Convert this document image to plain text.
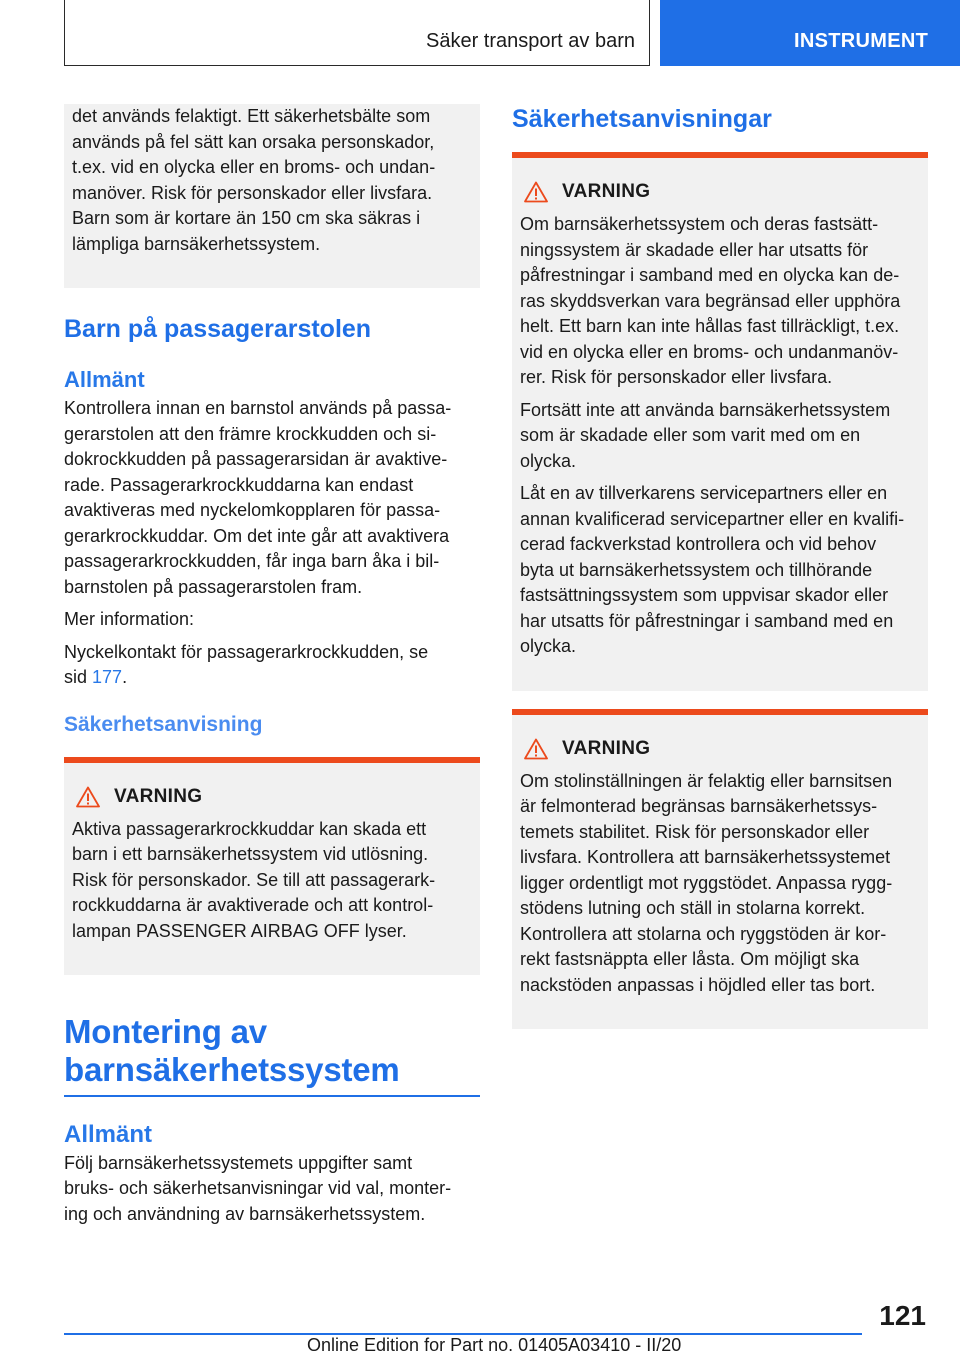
Säker transport av barn	INSTRUMENT

det används felaktigt. Ett säkerhetsbälte som
används på fel sätt kan orsaka personskador,
t.ex. vid en olycka eller en broms- och undan-
manöver. Risk för personskador eller livsfara.
Barn som är kortare än 150 cm ska säkras i
lämpliga barnsäkerhetssystem.

Barn på passagerarstolen
Allmänt

Kontrollera innan en barnstol används på passa-
gerarstolen att den främre krockkudden och si-
dokrockkudden på passagerarsidan är avaktive-
rade. Passagerarkrockkuddarna kan endast
avaktiveras med nyckelomkopplaren för passa-
gerarkrockkuddar. Om det inte går att avaktivera
passagerarkrockkudden, får inga barn åka i bil-
barnstolen på passagerarstolen fram.

Mer information:

Nyckelkontakt för passagerarkrockkudden, se
sid 177.

Säkerhetsanvisning
VARNING

Aktiva passagerarkrockkuddar kan skada ett
barn i ett barnsäkerhetssystem vid utlösning.
Risk för personskador. Se till att passagerark-
rockkuddarna är avaktiverade och att kontrol-
lampan PASSENGER AIRBAG OFF lyser.

Montering av
barnsäkerhetssystem
Allmänt

Följ barnsäkerhetssystemets uppgifter samt
bruks- och säkerhetsanvisningar vid val, monter-
ing och användning av barnsäkerhetssystem.

Säkerhetsanvisningar
VARNING

Om barnsäkerhetssystem och deras fastsätt-
ningssystem är skadade eller har utsatts för
påfrestningar i samband med en olycka kan de-
ras skyddsverkan vara begränsad eller upphöra
helt. Ett barn kan inte hållas fast tillräckligt, t.ex.
vid en olycka eller en broms- och undanmanöv-
rer. Risk för personskador eller livsfara.

Fortsätt inte att använda barnsäkerhetssystem
som är skadade eller som varit med om en
olycka.

Låt en av tillverkarens servicepartners eller en
annan kvalificerad servicepartner eller en kvalifi-
cerad fackverkstad kontrollera och vid behov
byta ut barnsäkerhetssystem och tillhörande
fastsättningssystem som uppvisar skador eller
har utsatts för påfrestningar i samband med en
olycka.

VARNING

Om stolinställningen är felaktig eller barnsitsen
är felmonterad begränsas barnsäkerhetssys-
temets stabilitet. Risk för personskador eller
livsfara. Kontrollera att barnsäkerhetssystemet
ligger ordentligt mot ryggstödet. Anpassa rygg-
stödens lutning och ställ in stolarna korrekt.
Kontrollera att stolarna och ryggstöden är kor-
rekt fastsnäppta eller låsta. Om möjligt ska
nackstöden anpassas i höjdled eller tas bort.

121
Online Edition for Part no. 01405A03410 - II/20
